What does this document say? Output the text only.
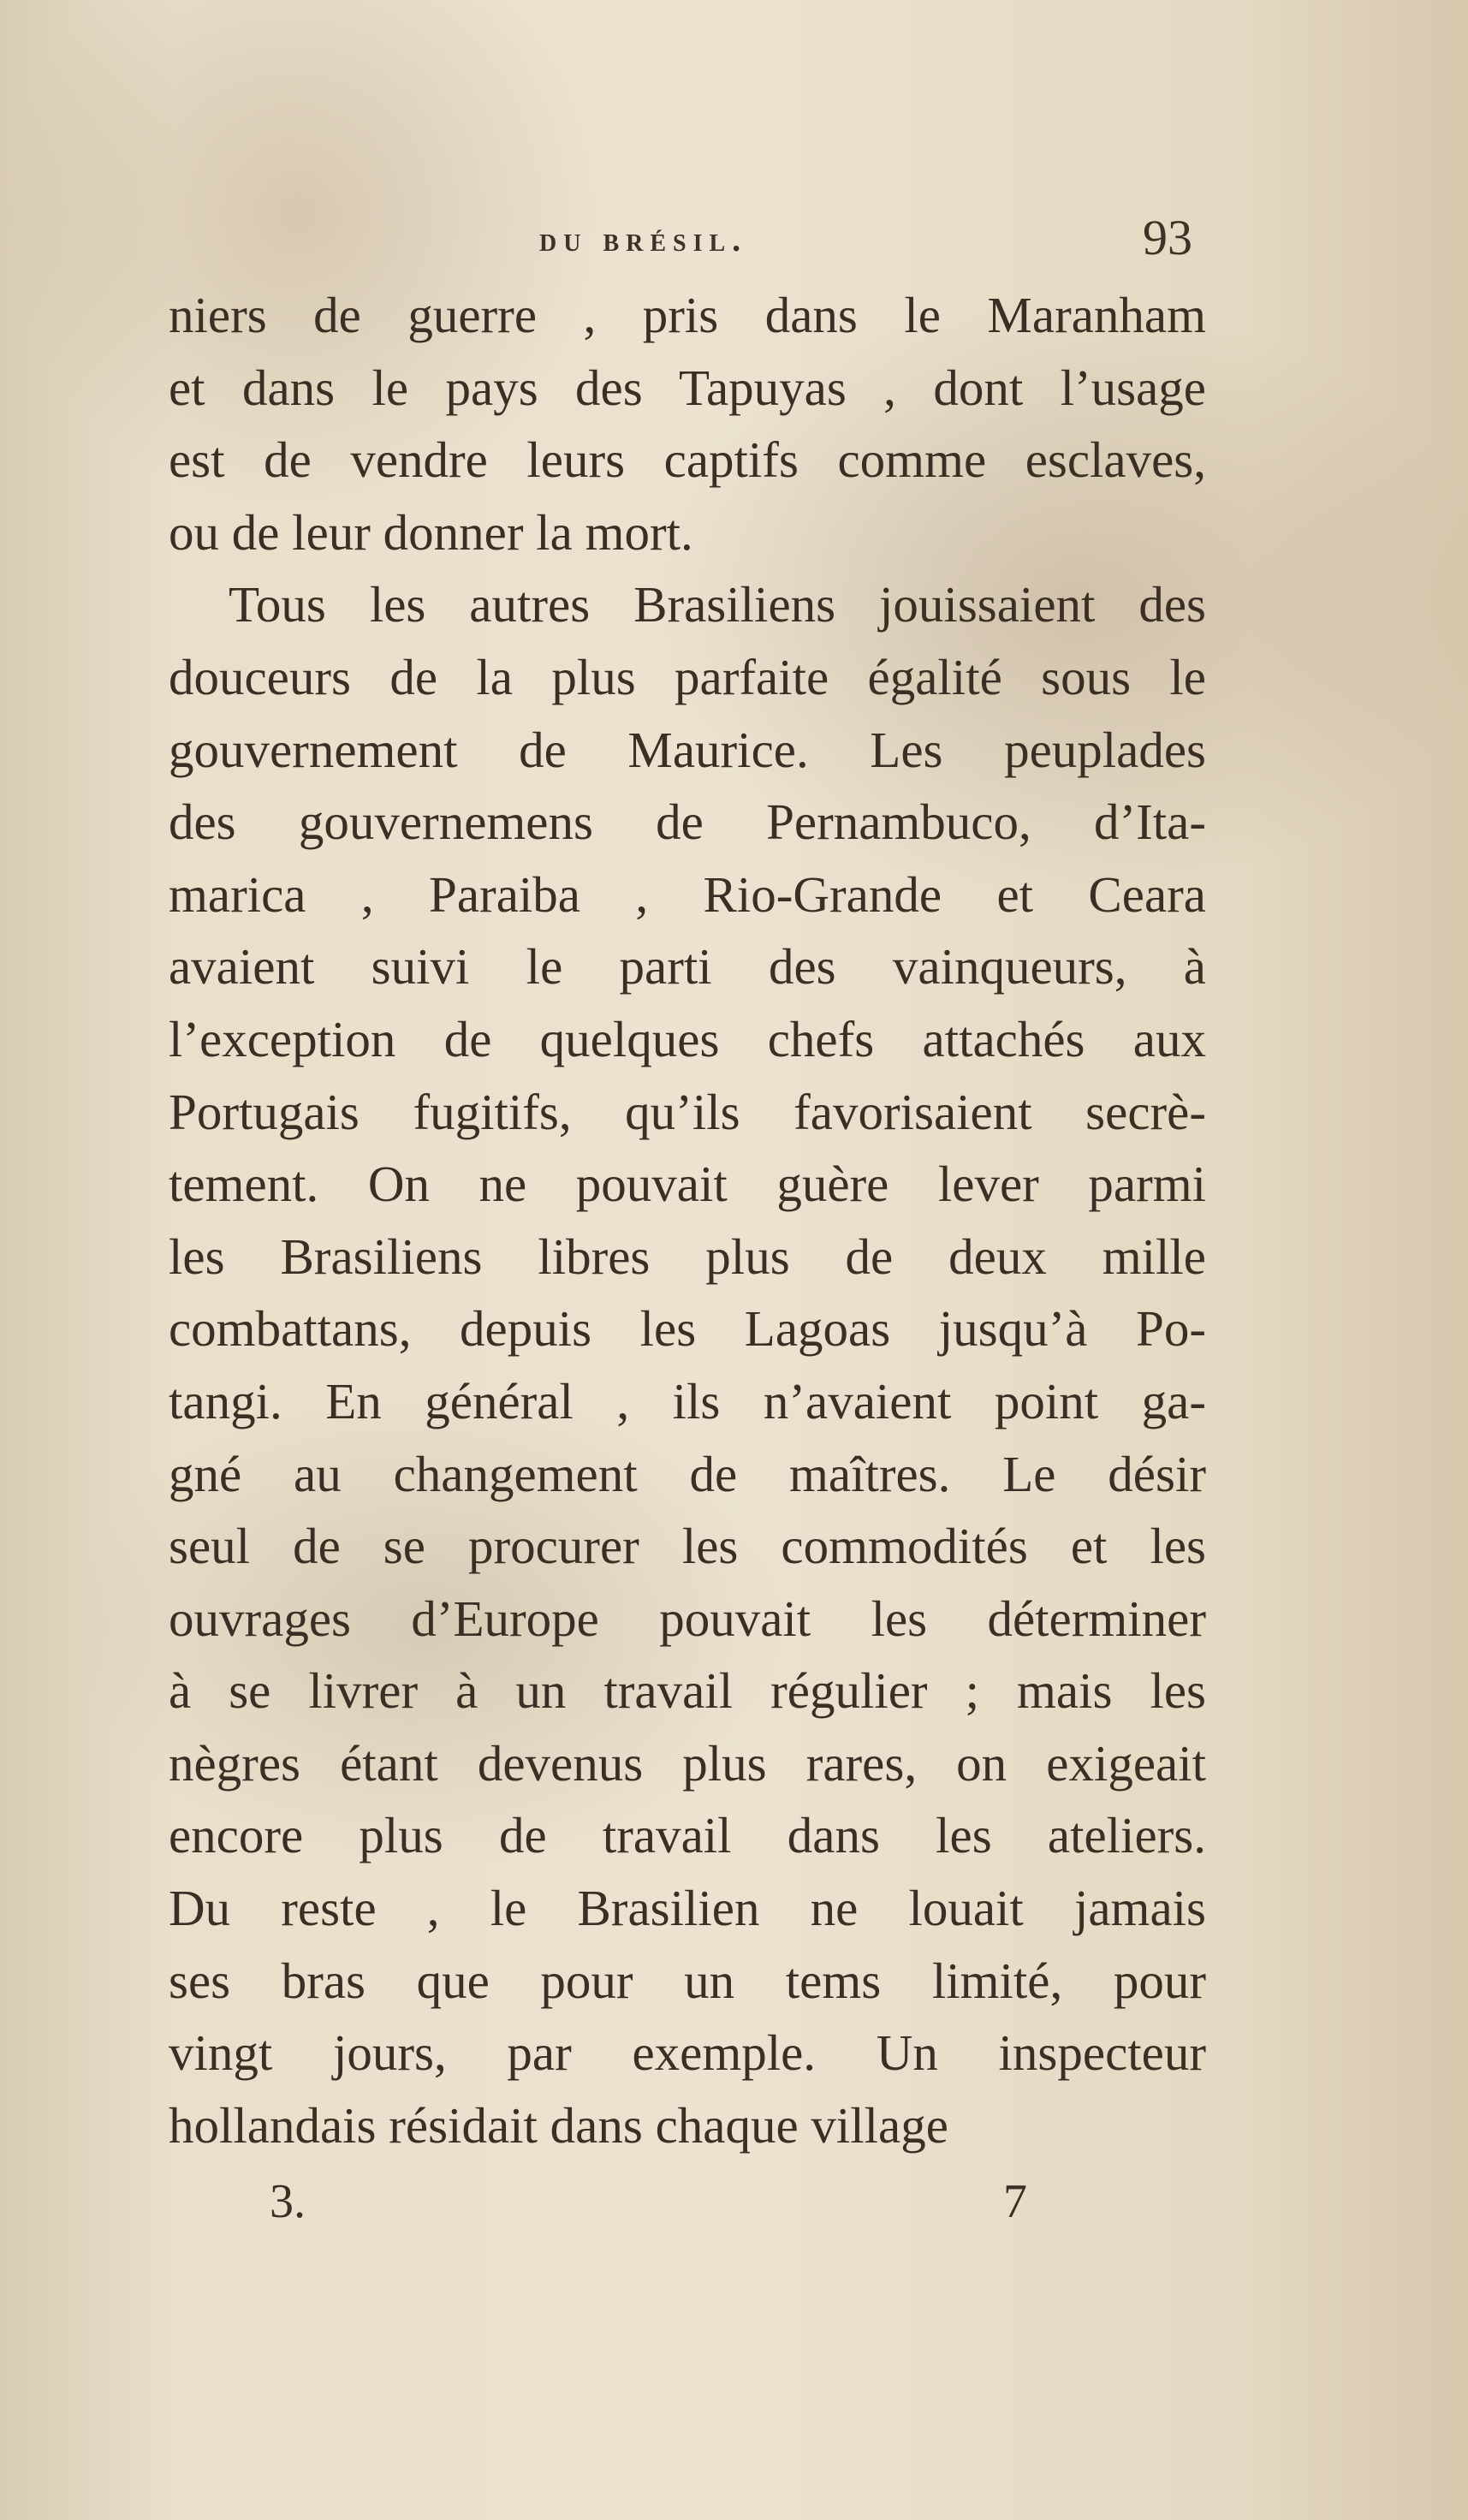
du brésil.	93
niers de guerre , pris dans le Maranham
et dans le pays des Tapuyas , dont l’usage
est de vendre leurs captifs comme esclaves,
ou de leur donner la mort.
Tous les autres Brasiliens jouissaient des
douceurs de la plus parfaite égalité sous le
gouvernement de Maurice. Les peuplades
des gouvernemens de Pernambuco, d’Ita-
marica , Paraiba , Rio-Grande et Ceara
avaient suivi le parti des vainqueurs, à
l’exception de quelques chefs attachés aux
Portugais fugitifs, qu’ils favorisaient secrè-
tement. On ne pouvait guère lever parmi
les Brasiliens libres plus de deux mille
combattans, depuis les Lagoas jusqu’à Po-
tangi. En général , ils n’avaient point ga-
gné au changement de maîtres. Le désir
seul de se procurer les commodités et les
ouvrages d’Europe pouvait les déterminer
à se livrer à un travail régulier ; mais les
nègres étant devenus plus rares, on exigeait
encore plus de travail dans les ateliers.
Du reste , le Brasilien ne louait jamais
ses bras que pour un tems limité, pour
vingt jours, par exemple. Un inspecteur
hollandais résidait dans chaque village
3.	7
